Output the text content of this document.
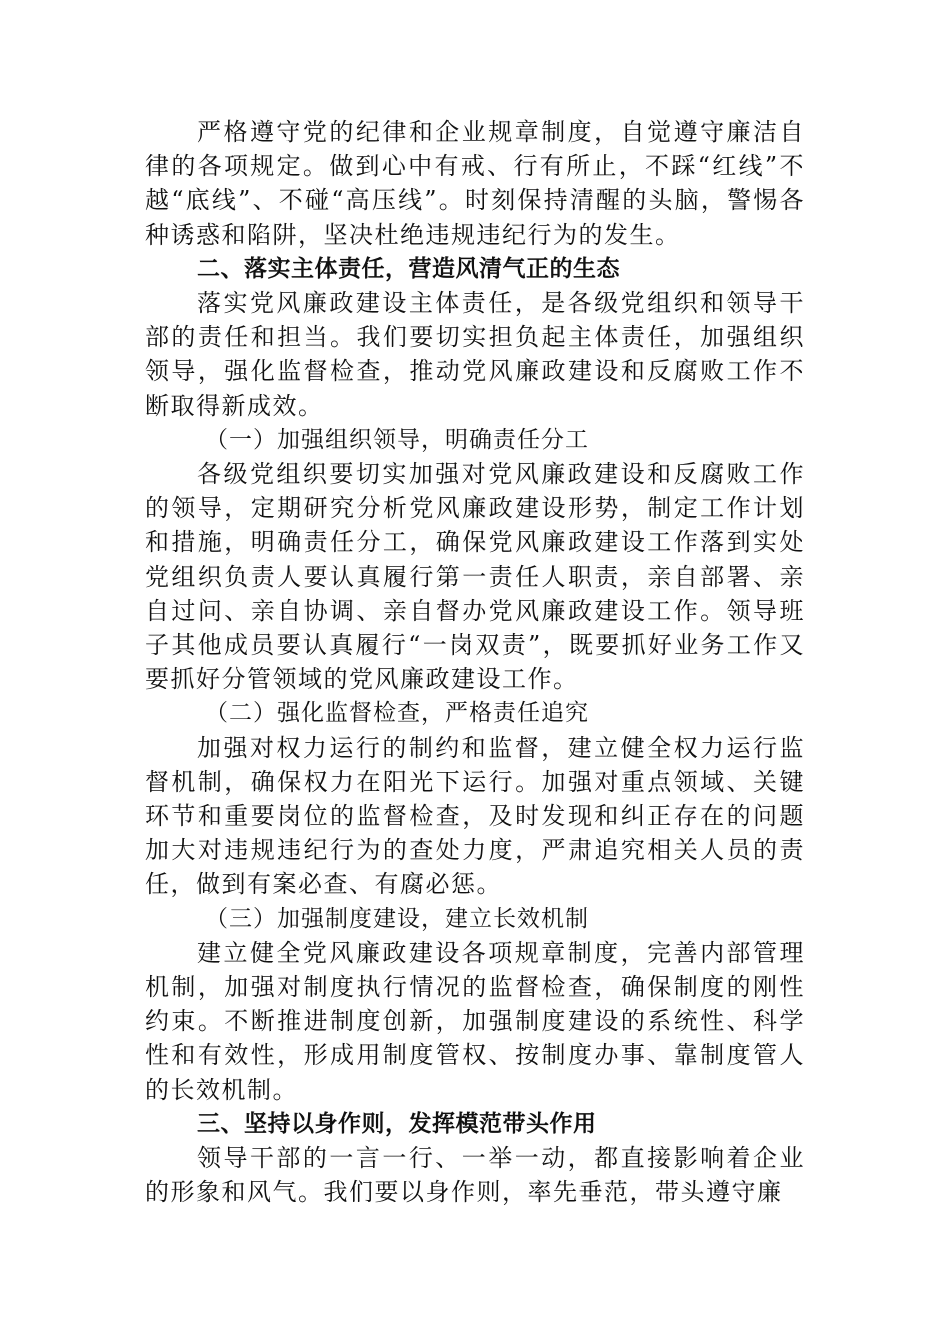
严格遵守党的纪律和企业规章制度，自觉遵守廉洁自律的各项规定。做到心中有戒、行有所止，不踩“红线”不越“底线”、不碰“高压线”。时刻保持清醒的头脑，警惕各种诱惑和陷阱，坚决杜绝违规违纪行为的发生。

二、落实主体责任，营造风清气正的生态

落实党风廉政建设主体责任，是各级党组织和领导干部的责任和担当。我们要切实担负起主体责任，加强组织领导，强化监督检查，推动党风廉政建设和反腐败工作不断取得新成效。

（一）加强组织领导，明确责任分工

各级党组织要切实加强对党风廉政建设和反腐败工作的领导，定期研究分析党风廉政建设形势，制定工作计划和措施，明确责任分工，确保党风廉政建设工作落到实处党组织负责人要认真履行第一责任人职责，亲自部署、亲自过问、亲自协调、亲自督办党风廉政建设工作。领导班子其他成员要认真履行“一岗双责”，既要抓好业务工作又要抓好分管领域的党风廉政建设工作。

（二）强化监督检查，严格责任追究

加强对权力运行的制约和监督，建立健全权力运行监督机制，确保权力在阳光下运行。加强对重点领域、关键环节和重要岗位的监督检查，及时发现和纠正存在的问题加大对违规违纪行为的查处力度，严肃追究相关人员的责任，做到有案必查、有腐必惩。

（三）加强制度建设，建立长效机制

建立健全党风廉政建设各项规章制度，完善内部管理机制，加强对制度执行情况的监督检查，确保制度的刚性约束。不断推进制度创新，加强制度建设的系统性、科学性和有效性，形成用制度管权、按制度办事、靠制度管人的长效机制。

三、坚持以身作则，发挥模范带头作用

领导干部的一言一行、一举一动，都直接影响着企业的形象和风气。我们要以身作则，率先垂范，带头遵守廉
